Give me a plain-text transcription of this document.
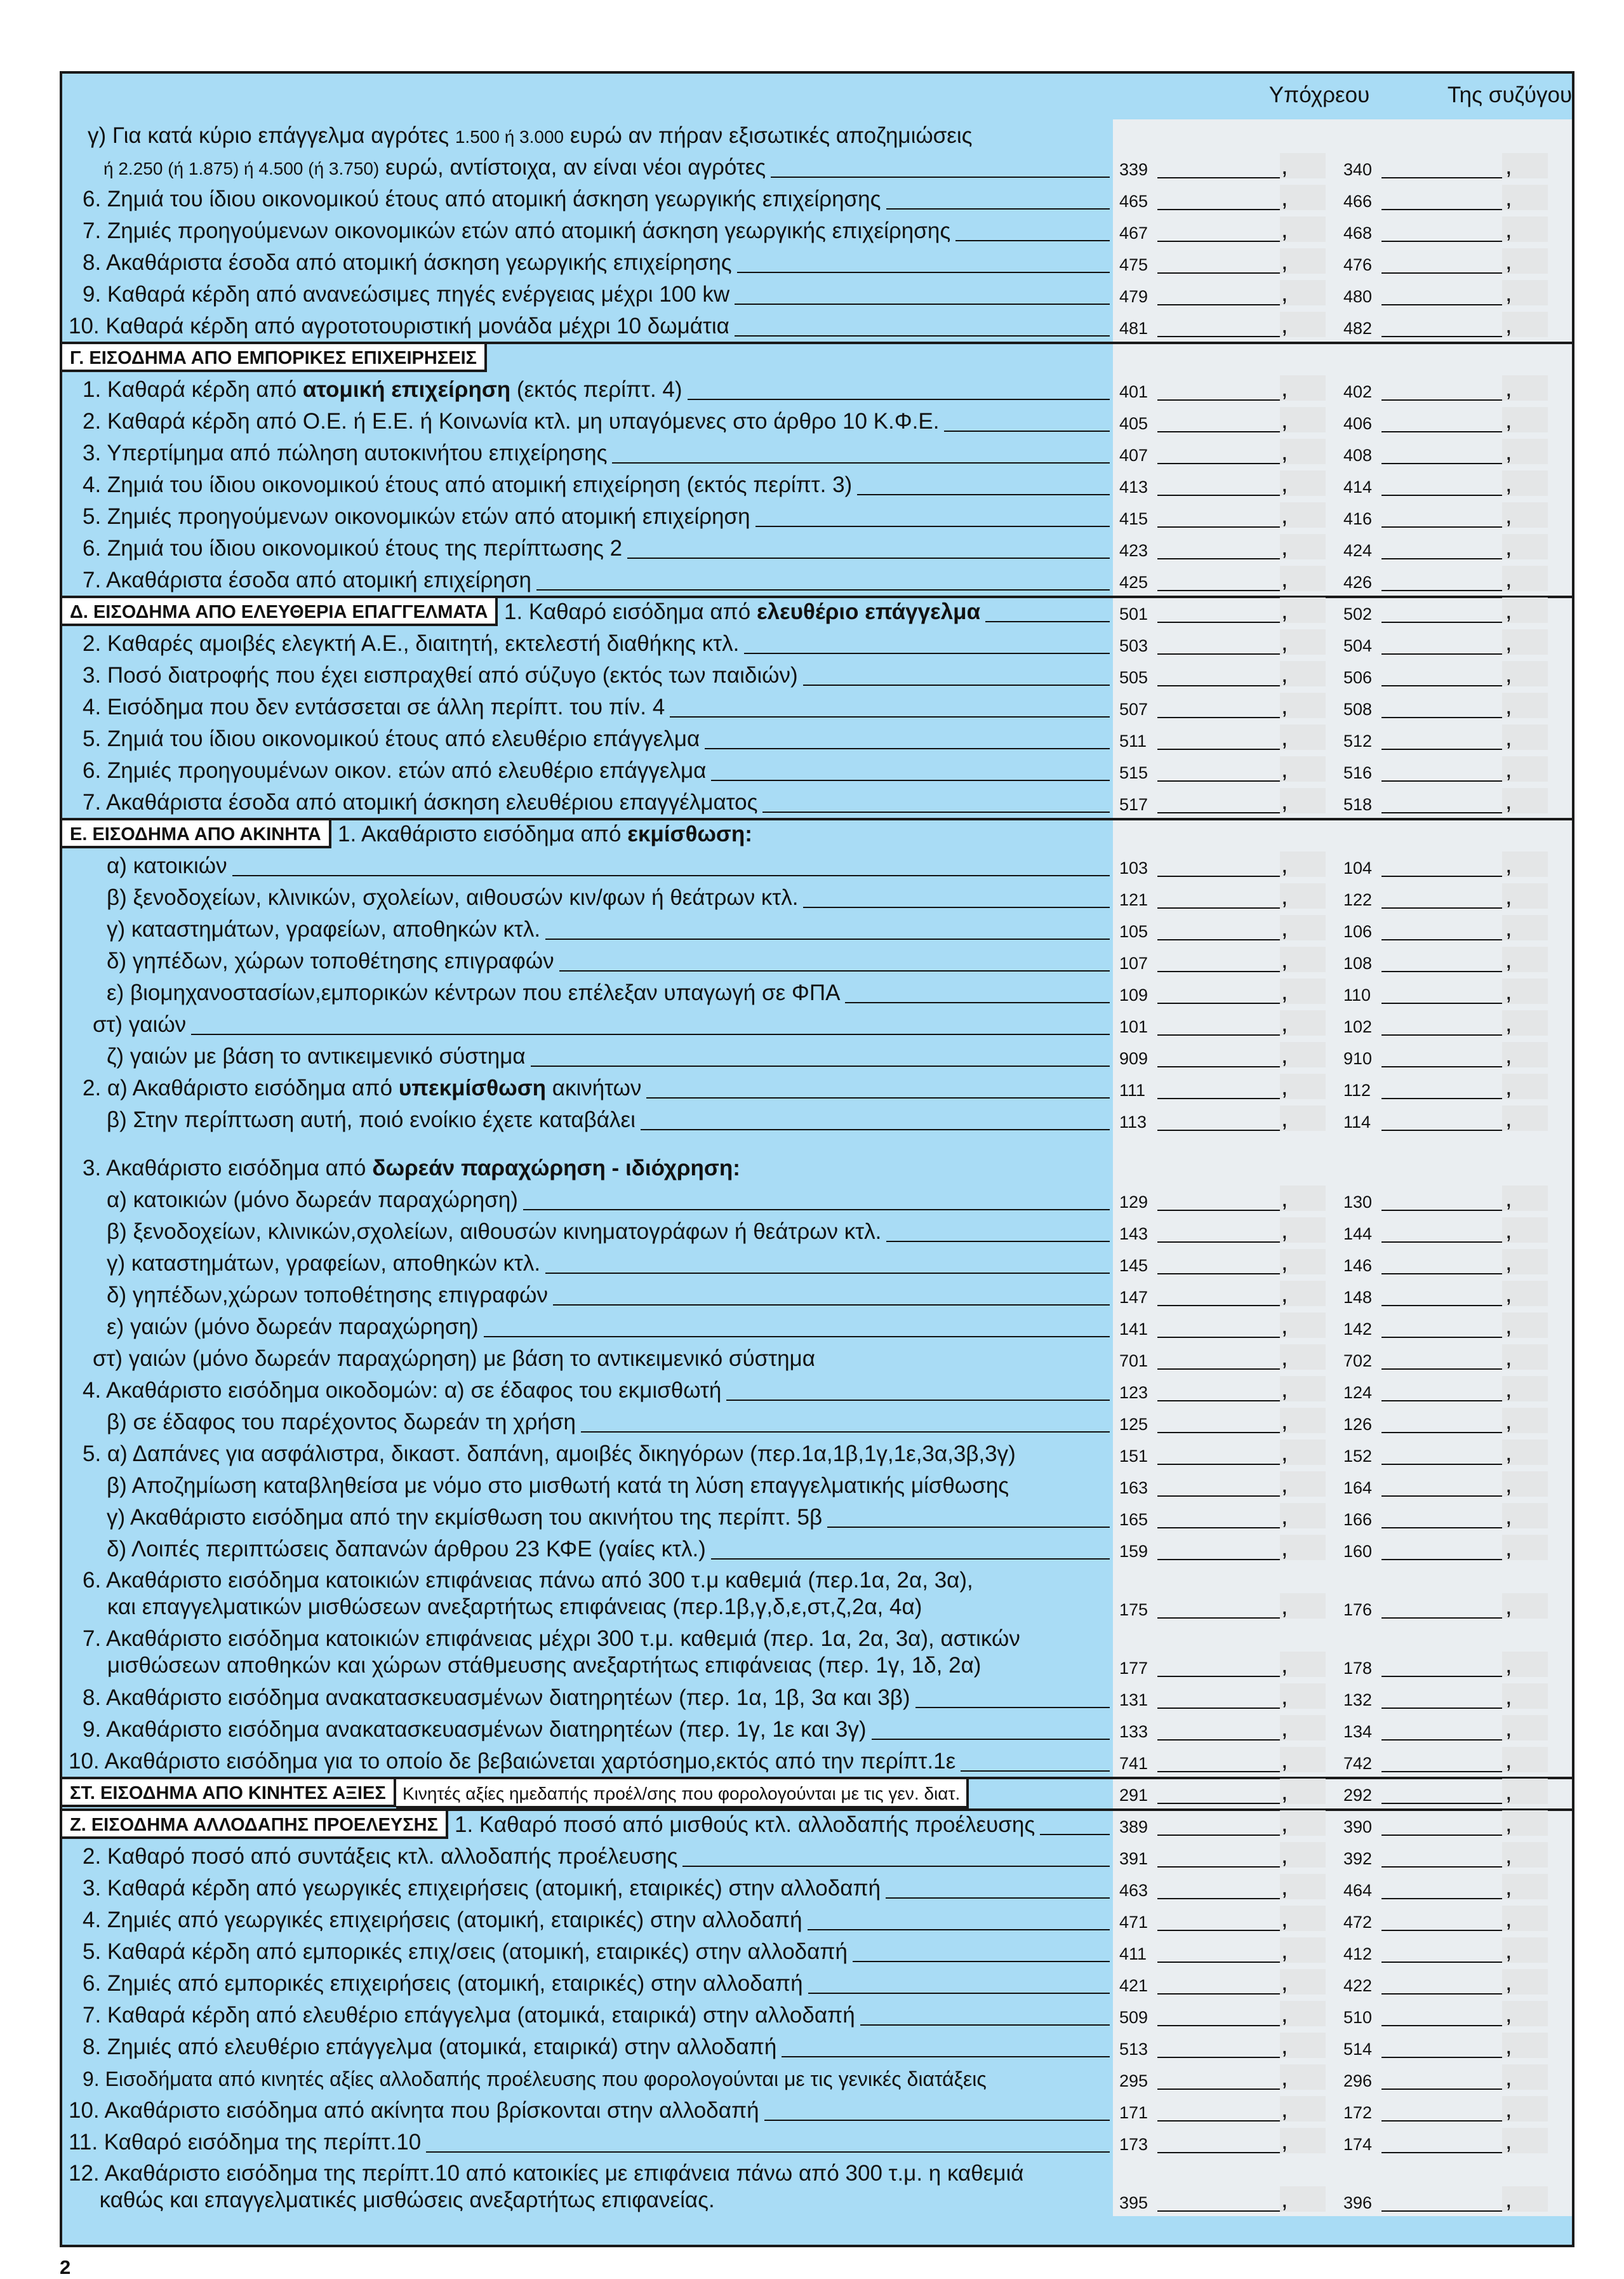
Υπόχρεου	Της συζύγου
γ) Για κατά κύριο επάγγελμα αγρότες 1.500 ή 3.000 ευρώ αν πήραν εξισωτικές αποζημιώσεις
ή 2.250 (ή 1.875) ή 4.500 (ή 3.750) ευρώ, αντίστοιχα, αν είναι νέοι αγρότες	339	,	340	,
6. Ζημιά του ίδιου οικονομικού έτους από ατομική άσκηση γεωργικής επιχείρησης	465	,	466	,
7. Ζημιές προηγούμενων οικονομικών ετών από ατομική άσκηση γεωργικής επιχείρησης	467	,	468	,
8. Ακαθάριστα έσοδα από ατομική άσκηση γεωργικής επιχείρησης	475	,	476	,
9. Καθαρά κέρδη από ανανεώσιμες πηγές ενέργειας μέχρι 100 kw	479	,	480	,
10. Καθαρά κέρδη από αγροτοτουριστική μονάδα μέχρι 10 δωμάτια	481	,	482	,
Γ. ΕΙΣΟΔΗΜΑ ΑΠΟ ΕΜΠΟΡΙΚΕΣ ΕΠΙΧΕΙΡΗΣΕΙΣ
1. Καθαρά κέρδη από ατομική επιχείρηση (εκτός περίπτ. 4)	401	,	402	,
2. Καθαρά κέρδη από Ο.Ε. ή Ε.Ε. ή Κοινωνία κτλ. μη υπαγόμενες στο άρθρο 10 Κ.Φ.Ε.	405	,	406	,
3. Υπερτίμημα από πώληση αυτοκινήτου επιχείρησης	407	,	408	,
4. Ζημιά του ίδιου οικονομικού έτους από ατομική επιχείρηση (εκτός περίπτ. 3)	413	,	414	,
5. Ζημιές προηγούμενων οικονομικών ετών από ατομική επιχείρηση	415	,	416	,
6. Ζημιά του ίδιου οικονομικού έτους της περίπτωσης 2	423	,	424	,
7. Ακαθάριστα έσοδα από ατομική επιχείρηση	425	,	426	,
Δ. ΕΙΣΟΔΗΜΑ ΑΠΟ ΕΛΕΥΘΕΡΙΑ ΕΠΑΓΓΕΛΜΑΤΑ 1. Καθαρό εισόδημα από ελευθέριο επάγγελμα	501	,	502	,
2. Καθαρές αμοιβές ελεγκτή Α.Ε., διαιτητή, εκτελεστή διαθήκης κτλ.	503	,	504	,
3. Ποσό διατροφής που έχει εισπραχθεί από σύζυγο (εκτός των παιδιών)	505	,	506	,
4. Εισόδημα που δεν εντάσσεται σε άλλη περίπτ. του πίν. 4	507	,	508	,
5. Ζημιά του ίδιου οικονομικού έτους από ελευθέριο επάγγελμα	511	,	512	,
6. Ζημιές προηγουμένων οικον. ετών από ελευθέριο επάγγελμα	515	,	516	,
7. Ακαθάριστα έσοδα από ατομική άσκηση ελευθέριου επαγγέλματος	517	,	518	,
Ε. ΕΙΣΟΔΗΜΑ ΑΠΟ ΑΚΙΝΗΤΑ 1. Ακαθάριστο εισόδημα από εκμίσθωση:
α) κατοικιών	103	,	104	,
β) ξενοδοχείων, κλινικών, σχολείων, αιθουσών κιν/φων ή θεάτρων κτλ.	121	,	122	,
γ) καταστημάτων, γραφείων, αποθηκών κτλ.	105	,	106	,
δ) γηπέδων, χώρων τοποθέτησης επιγραφών	107	,	108	,
ε) βιομηχανοστασίων,εμπορικών κέντρων που επέλεξαν υπαγωγή σε ΦΠΑ	109	,	110	,
στ) γαιών	101	,	102	,
ζ) γαιών με βάση το αντικειμενικό σύστημα	909	,	910	,
2. α) Ακαθάριστο εισόδημα από υπεκμίσθωση ακινήτων	111	,	112	,
β) Στην περίπτωση αυτή, ποιό ενοίκιο έχετε καταβάλει	113	,	114	,
3. Ακαθάριστο εισόδημα από δωρεάν παραχώρηση - ιδιόχρηση:
α) κατοικιών (μόνο δωρεάν παραχώρηση)	129	,	130	,
β) ξενοδοχείων, κλινικών,σχολείων, αιθουσών κινηματογράφων ή θεάτρων κτλ.	143	,	144	,
γ) καταστημάτων, γραφείων, αποθηκών κτλ.	145	,	146	,
δ) γηπέδων,χώρων τοποθέτησης επιγραφών	147	,	148	,
ε) γαιών (μόνο δωρεάν παραχώρηση)	141	,	142	,
στ) γαιών (μόνο δωρεάν παραχώρηση) με βάση το αντικειμενικό σύστημα	701	,	702	,
4. Ακαθάριστο εισόδημα οικοδομών: α) σε έδαφος του εκμισθωτή	123	,	124	,
β) σε έδαφος του παρέχοντος δωρεάν τη χρήση	125	,	126	,
5. α) Δαπάνες για ασφάλιστρα, δικαστ. δαπάνη, αμοιβές δικηγόρων (περ.1α,1β,1γ,1ε,3α,3β,3γ)	151	,	152	,
β) Αποζημίωση καταβληθείσα με νόμο στο μισθωτή κατά τη λύση επαγγελματικής μίσθωσης	163	,	164	,
γ) Ακαθάριστο εισόδημα από την εκμίσθωση του ακινήτου της περίπτ. 5β	165	,	166	,
δ) Λοιπές περιπτώσεις δαπανών άρθρου 23 ΚΦΕ (γαίες κτλ.)	159	,	160	,
6. Ακαθάριστο εισόδημα κατοικιών επιφάνειας πάνω από 300 τ.μ καθεμιά (περ.1α, 2α, 3α),
και επαγγελματικών μισθώσεων ανεξαρτήτως επιφάνειας (περ.1β,γ,δ,ε,στ,ζ,2α, 4α)	175	,	176	,
7. Ακαθάριστο εισόδημα κατοικιών επιφάνειας μέχρι 300 τ.μ. καθεμιά (περ. 1α, 2α, 3α), αστικών
μισθώσεων αποθηκών και χώρων στάθμευσης ανεξαρτήτως επιφάνειας (περ. 1γ, 1δ, 2α)	177	,	178	,
8. Ακαθάριστο εισόδημα ανακατασκευασμένων διατηρητέων (περ. 1α, 1β, 3α και 3β)	131	,	132	,
9. Ακαθάριστο εισόδημα ανακατασκευασμένων διατηρητέων (περ. 1γ, 1ε και 3γ)	133	,	134	,
10. Ακαθάριστο εισόδημα για το οποίο δε βεβαιώνεται χαρτόσημο,εκτός από την περίπτ.1ε	741	,	742	,
ΣΤ. ΕΙΣΟΔΗΜΑ ΑΠΟ ΚΙΝΗΤΕΣ ΑΞΙΕΣ Κινητές αξίες ημεδαπής προέλ/σης που φορολογούνται με τις γεν. διατ.	291	,	292	,
Ζ. ΕΙΣΟΔΗΜΑ ΑΛΛΟΔΑΠΗΣ ΠΡΟΕΛΕΥΣΗΣ 1. Καθαρό ποσό από μισθούς κτλ. αλλοδαπής προέλευσης	389	,	390	,
2. Καθαρό ποσό από συντάξεις κτλ. αλλοδαπής προέλευσης	391	,	392	,
3. Καθαρά κέρδη από γεωργικές επιχειρήσεις (ατομική, εταιρικές) στην αλλοδαπή	463	,	464	,
4. Ζημιές από γεωργικές επιχειρήσεις (ατομική, εταιρικές) στην αλλοδαπή	471	,	472	,
5. Καθαρά κέρδη από εμπορικές επιχ/σεις (ατομική, εταιρικές) στην αλλοδαπή	411	,	412	,
6. Ζημιές από εμπορικές επιχειρήσεις (ατομική, εταιρικές) στην αλλοδαπή	421	,	422	,
7. Καθαρά κέρδη από ελευθέριο επάγγελμα (ατομικά, εταιρικά) στην αλλοδαπή	509	,	510	,
8. Ζημιές από ελευθέριο επάγγελμα (ατομικά, εταιρικά) στην αλλοδαπή	513	,	514	,
9. Εισοδήματα από κινητές αξίες αλλοδαπής προέλευσης που φορολογούνται με τις γενικές διατάξεις	295	,	296	,
10. Ακαθάριστο εισόδημα από ακίνητα που βρίσκονται στην αλλοδαπή	171	,	172	,
11. Καθαρό εισόδημα της περίπτ.10	173	,	174	,
12. Ακαθάριστο εισόδημα της περίπτ.10 από κατοικίες με επιφάνεια πάνω από 300 τ.μ. η καθεμιά
καθώς και επαγγελματικές μισθώσεις ανεξαρτήτως επιφανείας.	395	,	396	,
2
